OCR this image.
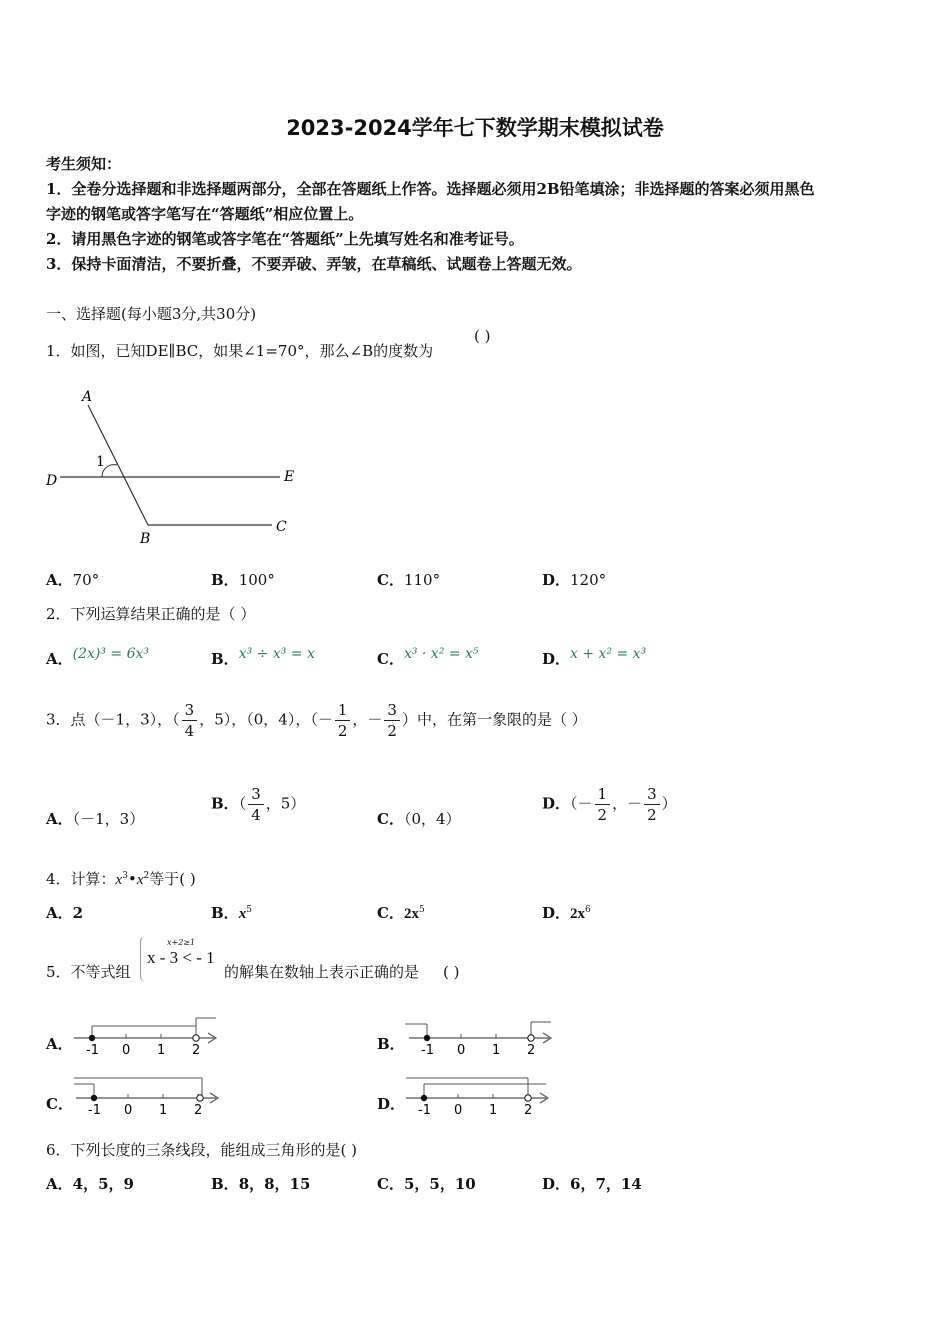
2023-2024学年七下数学期末模拟试卷
考生须知：
1．全卷分选择题和非选择题两部分，全部在答题纸上作答。选择题必须用2B铅笔填涂；非选择题的答案必须用黑色
字迹的钢笔或答字笔写在“答题纸”相应位置上。
2．请用黑色字迹的钢笔或答字笔在“答题纸”上先填写姓名和准考证号。
3．保持卡面清洁，不要折叠，不要弄破、弄皱，在草稿纸、试题卷上答题无效。
一、选择题(每小题3分,共30分)
1．如图，已知DE∥BC，如果∠1=70°，那么∠B的度数为
( )
A
D	E
B
C
1
A．70°	B．100°	C．110°	D．120°
2．下列运算结果正确的是（ ）
A．(2x)³ = 6x³	B．x³ ÷ x³ = x	C．x³ · x² = x⁵	D．x + x² = x³
3．点（－1，3），（ $\frac{3}{4}$ ，5），（0，4），（－ $\frac{1}{2}$ ，－ $\frac{3}{2}$ ）中，在第一象限的是（ ）
A．（－1，3）
B．（ $\frac{3}{4}$ ，5）
C．（0，4）
D．（－ $\frac{1}{2}$ ，－ $\frac{3}{2}$ ）
4．计算：$x^3•x^2$等于( )
A．2	B．$x^5$	C．$2x^5$	D．$2x^6$
5．不等式组
x+2≥1
x - 3 < - 1
的解集在数轴上表示正确的是 ( )
A．	B．
C．	D．
-1 0 1 2	-1 0 1 2
-1 0 1 2	-1 0 1 2
6．下列长度的三条线段，能组成三角形的是( )
A．4，5，9	B．8，8，15	C．5，5，10	D．6，7，14
